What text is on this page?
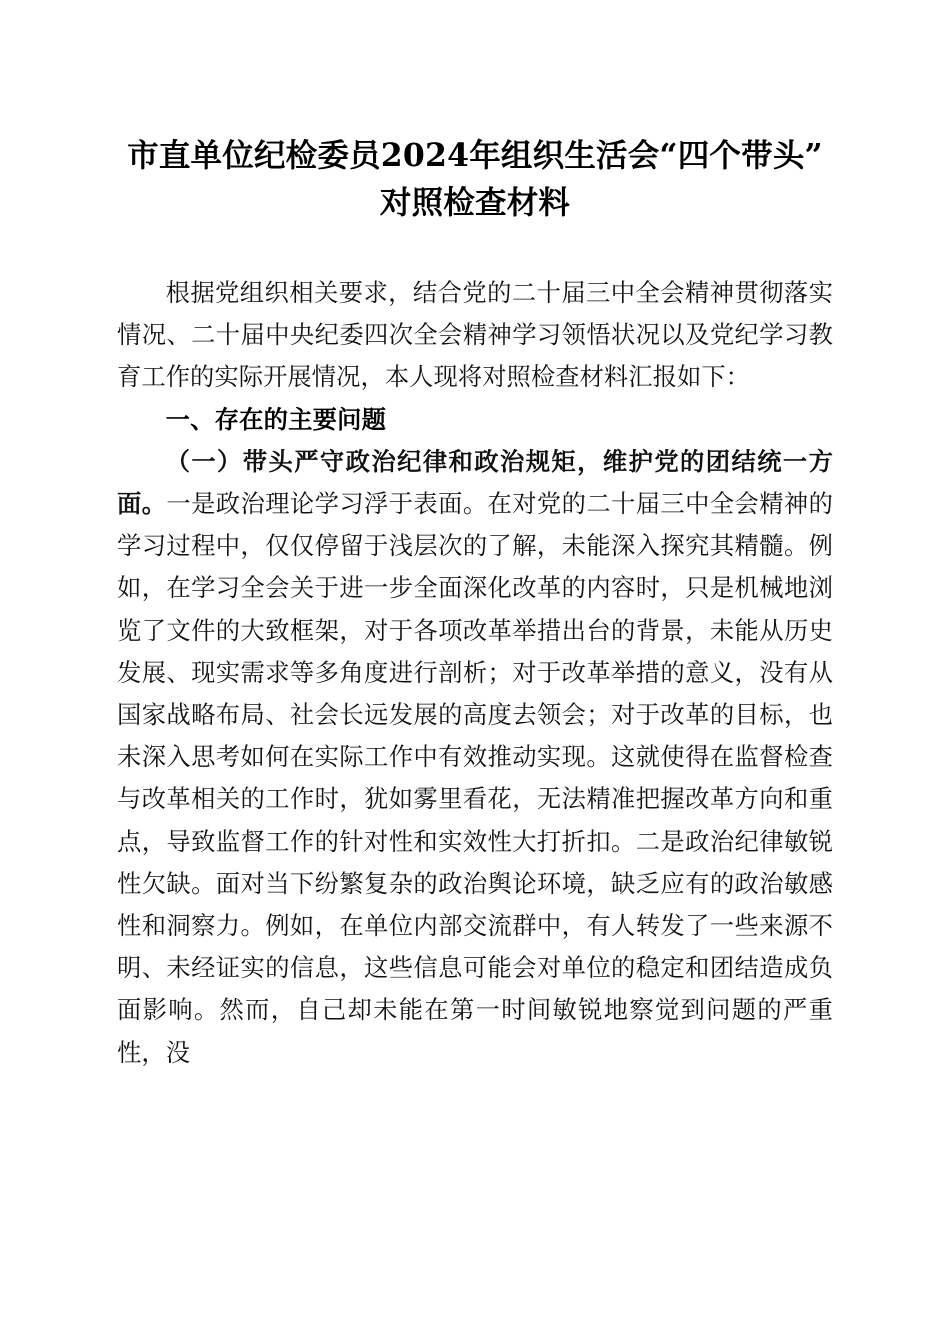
市直单位纪检委员2024年组织生活会“四个带头”对照检查材料

根据党组织相关要求，结合党的二十届三中全会精神贯彻落实情况、二十届中央纪委四次全会精神学习领悟状况以及党纪学习教育工作的实际开展情况，本人现将对照检查材料汇报如下：

一、存在的主要问题

（一）带头严守政治纪律和政治规矩，维护党的团结统一方面。一是政治理论学习浮于表面。在对党的二十届三中全会精神的学习过程中，仅仅停留于浅层次的了解，未能深入探究其精髓。例如，在学习全会关于进一步全面深化改革的内容时，只是机械地浏览了文件的大致框架，对于各项改革举措出台的背景，未能从历史发展、现实需求等多角度进行剖析；对于改革举措的意义，没有从国家战略布局、社会长远发展的高度去领会；对于改革的目标，也未深入思考如何在实际工作中有效推动实现。这就使得在监督检查与改革相关的工作时，犹如雾里看花，无法精准把握改革方向和重点，导致监督工作的针对性和实效性大打折扣。二是政治纪律敏锐性欠缺。面对当下纷繁复杂的政治舆论环境，缺乏应有的政治敏感性和洞察力。例如，在单位内部交流群中，有人转发了一些来源不明、未经证实的信息，这些信息可能会对单位的稳定和团结造成负面影响。然而，自己却未能在第一时间敏锐地察觉到问题的严重性，没
